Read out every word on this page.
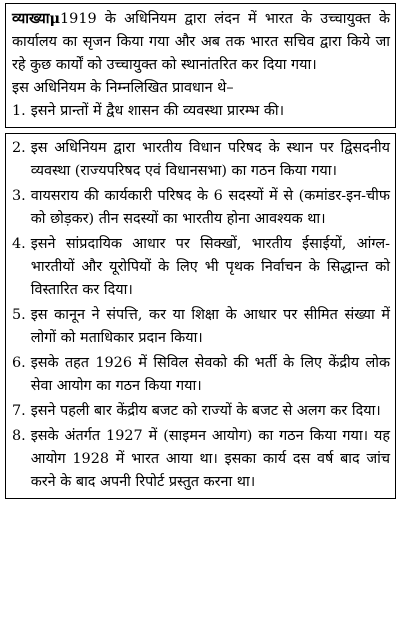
व्याख्याμ1919 के अधिनियम द्वारा लंदन में भारत के उच्चायुक्त के कार्यालय का सृजन किया गया और अब तक भारत सचिव द्वारा किये जा रहे कुछ कार्यों को उच्चायुक्त को स्थानांतरित कर दिया गया।

इस अधिनियम के निम्नलिखित प्रावधान थे–

1. इसने प्रान्तों में द्वैध शासन की व्यवस्था प्रारम्भ की।
2. इस अधिनियम द्वारा भारतीय विधान परिषद के स्थान पर द्विसदनीय व्यवस्था (राज्यपरिषद एवं विधानसभा) का गठन किया गया।
3. वायसराय की कार्यकारी परिषद के 6 सदस्यों में से (कमांडर-इन-चीफ को छोड़कर) तीन सदस्यों का भारतीय होना आवश्यक था।
4. इसने सांप्रदायिक आधार पर सिक्खों, भारतीय ईसाईयों, आंग्ल-भारतीयों और यूरोपियों के लिए भी पृथक निर्वाचन के सिद्धान्त को विस्तारित कर दिया।
5. इस कानून ने संपत्ति, कर या शिक्षा के आधार पर सीमित संख्या में लोगों को मताधिकार प्रदान किया।
6. इसके तहत 1926 में सिविल सेवको की भर्ती के लिए केंद्रीय लोक सेवा आयोग का गठन किया गया।
7. इसने पहली बार केंद्रीय बजट को राज्यों के बजट से अलग कर दिया।
8. इसके अंतर्गत 1927 में (साइमन आयोग) का गठन किया गया। यह आयोग 1928 में भारत आया था। इसका कार्य दस वर्ष बाद जांच करने के बाद अपनी रिपोर्ट प्रस्तुत करना था।
